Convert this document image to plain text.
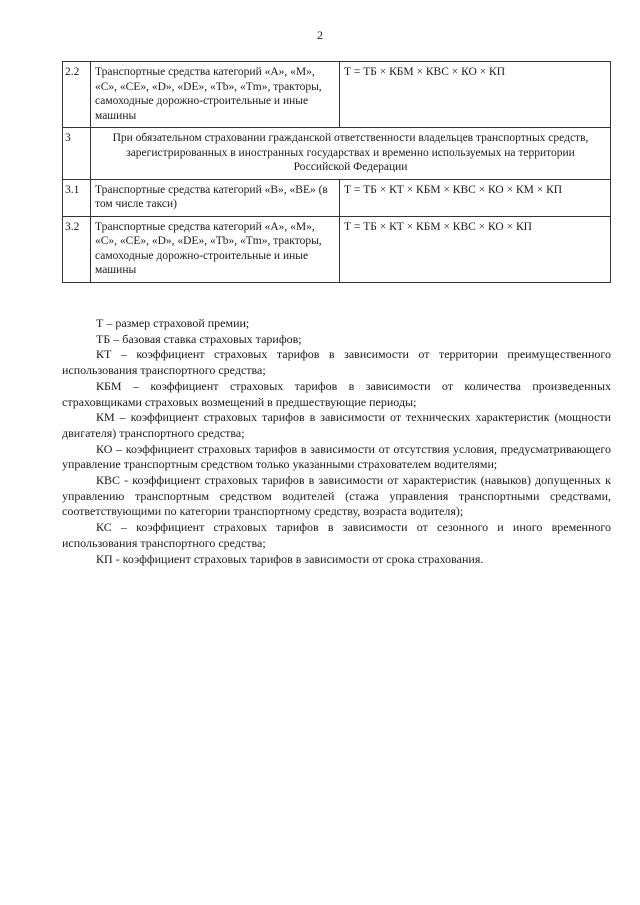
2
2.2	Транспортные средства категорий «А», «М», «С», «СЕ», «D», «DE», «Tb», «Tm», тракторы, самоходные дорожно-строительные и иные машины	Т = ТБ × КБМ × КВС × КО × КП
3	При обязательном страховании гражданской ответственности владельцев транспортных средств, зарегистрированных в иностранных государствах и временно используемых на территории Российской Федерации	
3.1	Транспортные средства категорий «В», «ВЕ» (в том числе такси)	Т = ТБ × КТ × КБМ × КВС × КО × КМ × КП
3.2	Транспортные средства категорий «А», «М», «С», «СЕ», «D», «DE», «Tb», «Tm», тракторы, самоходные дорожно-строительные и иные машины	Т = ТБ × КТ × КБМ × КВС × КО × КП

Т – размер страховой премии;

ТБ – базовая ставка страховых тарифов;

КТ – коэффициент страховых тарифов в зависимости от территории преимущественного использования транспортного средства;

КБМ – коэффициент страховых тарифов в зависимости от количества произведенных страховщиками страховых возмещений в предшествующие периоды;

КМ – коэффициент страховых тарифов в зависимости от технических характеристик (мощности двигателя) транспортного средства;

КО – коэффициент страховых тарифов в зависимости от отсутствия условия, предусматривающего управление транспортным средством только указанными страхователем водителями;

КВС - коэффициент страховых тарифов в зависимости от характеристик (навыков) допущенных к управлению транспортным средством водителей (стажа управления транспортными средствами, соответствующими по категории транспортному средству, возраста водителя);

КС – коэффициент страховых тарифов в зависимости от сезонного и иного временного использования транспортного средства;

КП - коэффициент страховых тарифов в зависимости от срока страхования.
